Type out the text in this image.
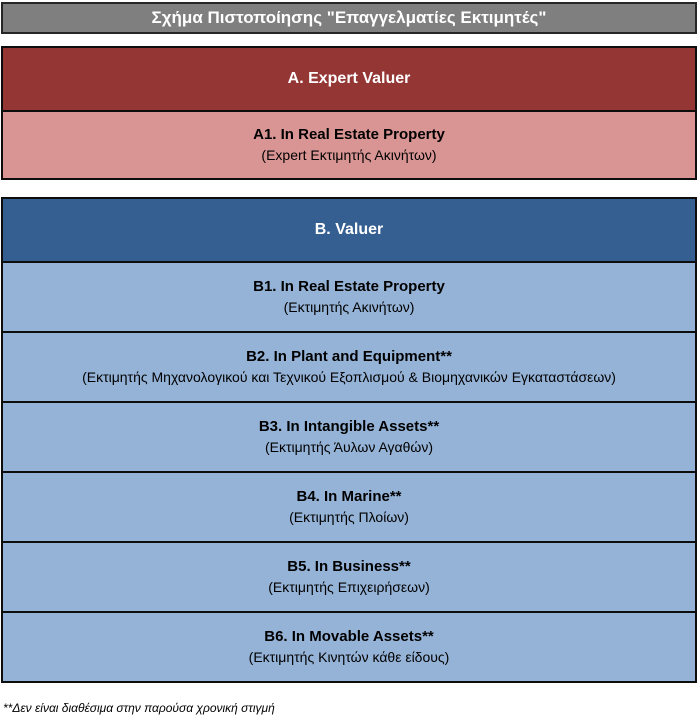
Σχήμα Πιστοποίησης "Επαγγελματίες Εκτιμητές"
A. Expert Valuer
A1. In Real Estate Property
(Expert Εκτιμητής Ακινήτων)
B. Valuer
B1. In Real Estate Property
(Εκτιμητής Ακινήτων)
B2. In Plant and Equipment**
(Εκτιμητής Μηχανολογικού και Τεχνικού Εξοπλισμού & Βιομηχανικών Εγκαταστάσεων)
B3. In Intangible Assets**
(Εκτιμητής Άυλων Αγαθών)
B4. In Marine**
(Εκτιμητής Πλοίων)
B5. In Business**
(Εκτιμητής Επιχειρήσεων)
B6. In Movable Assets**
(Εκτιμητής Κινητών κάθε είδους)
**Δεν είναι διαθέσιμα στην παρούσα χρονική στιγμή
